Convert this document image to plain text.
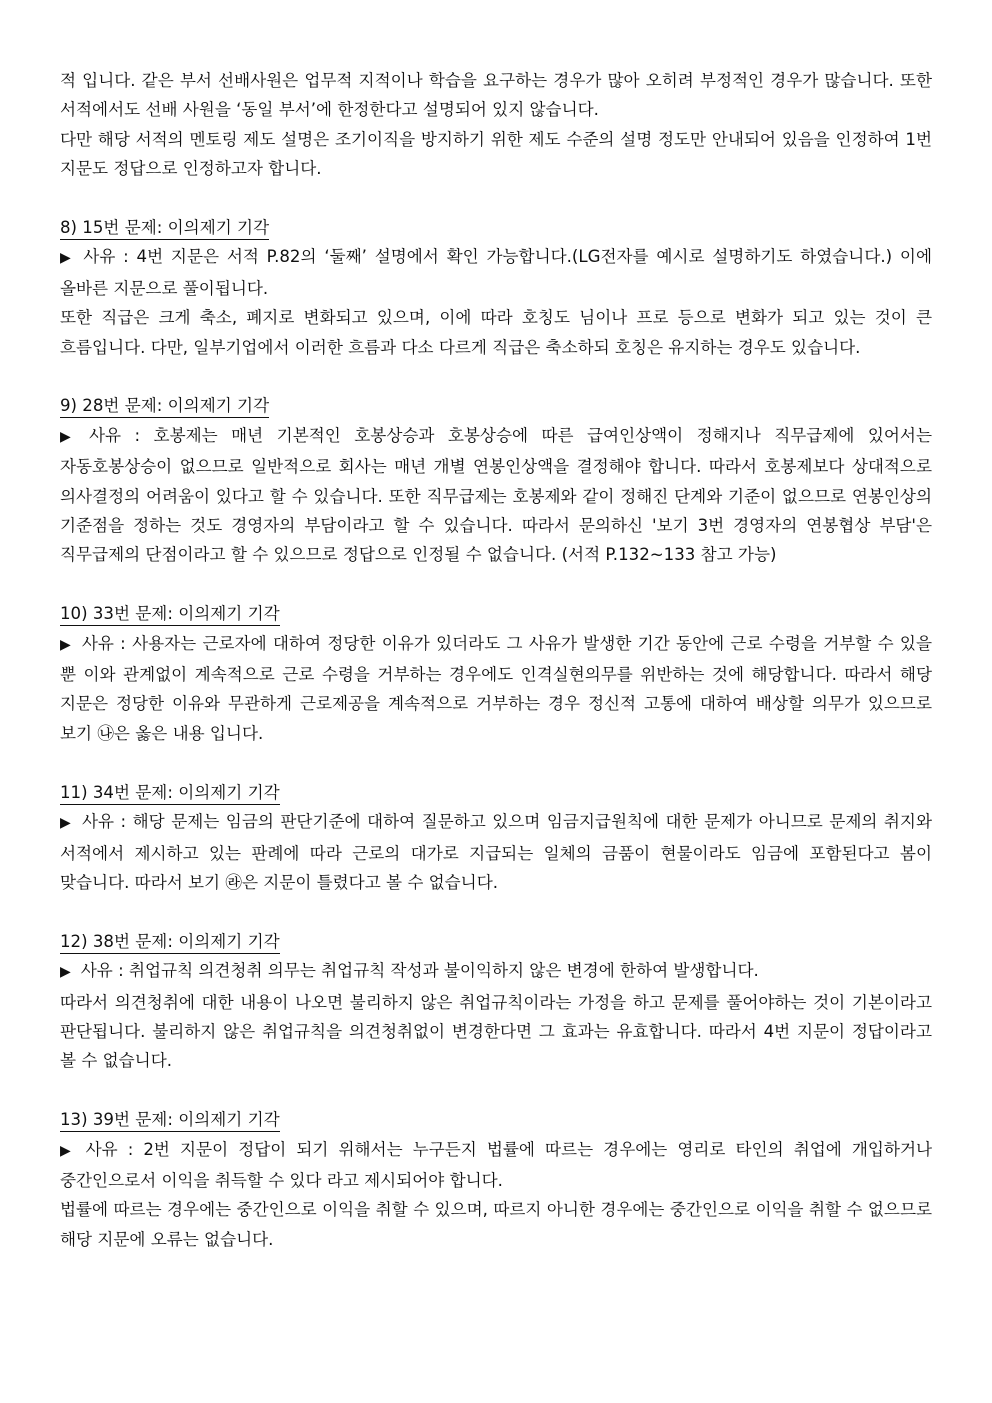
적 입니다. 같은 부서 선배사원은 업무적 지적이나 학습을 요구하는 경우가 많아 오히려 부정적인 경우가 많습니다. 또한 서적에서도 선배 사원을 ‘동일 부서’에 한정한다고 설명되어 있지 않습니다.

다만 해당 서적의 멘토링 제도 설명은 조기이직을 방지하기 위한 제도 수준의 설명 정도만 안내되어 있음을 인정하여 1번 지문도 정답으로 인정하고자 합니다.

8) 15번 문제: 이의제기 기각

▶ 사유 : 4번 지문은 서적 P.82의 ‘둘째’ 설명에서 확인 가능합니다.(LG전자를 예시로 설명하기도 하였습니다.) 이에 올바른 지문으로 풀이됩니다.

또한 직급은 크게 축소, 폐지로 변화되고 있으며, 이에 따라 호칭도 님이나 프로 등으로 변화가 되고 있는 것이 큰 흐름입니다. 다만, 일부기업에서 이러한 흐름과 다소 다르게 직급은 축소하되 호칭은 유지하는 경우도 있습니다.

9) 28번 문제: 이의제기 기각

▶ 사유 : 호봉제는 매년 기본적인 호봉상승과 호봉상승에 따른 급여인상액이 정해지나 직무급제에 있어서는 자동호봉상승이 없으므로 일반적으로 회사는 매년 개별 연봉인상액을 결정해야 합니다. 따라서 호봉제보다 상대적으로 의사결정의 어려움이 있다고 할 수 있습니다. 또한 직무급제는 호봉제와 같이 정해진 단계와 기준이 없으므로 연봉인상의 기준점을 정하는 것도 경영자의 부담이라고 할 수 있습니다. 따라서 문의하신 '보기 3번 경영자의 연봉협상 부담'은 직무급제의 단점이라고 할 수 있으므로 정답으로 인정될 수 없습니다. (서적 P.132~133 참고 가능)

10) 33번 문제: 이의제기 기각

▶ 사유 : 사용자는 근로자에 대하여 정당한 이유가 있더라도 그 사유가 발생한 기간 동안에 근로 수령을 거부할 수 있을 뿐 이와 관계없이 계속적으로 근로 수령을 거부하는 경우에도 인격실현의무를 위반하는 것에 해당합니다. 따라서 해당 지문은 정당한 이유와 무관하게 근로제공을 계속적으로 거부하는 경우 정신적 고통에 대하여 배상할 의무가 있으므로 보기 ㉯은 옳은 내용 입니다.

11) 34번 문제: 이의제기 기각

▶ 사유 : 해당 문제는 임금의 판단기준에 대하여 질문하고 있으며 임금지급원칙에 대한 문제가 아니므로 문제의 취지와 서적에서 제시하고 있는 판례에 따라 근로의 대가로 지급되는 일체의 금품이 현물이라도 임금에 포함된다고 봄이 맞습니다. 따라서 보기 ㉱은 지문이 틀렸다고 볼 수 없습니다.

12) 38번 문제: 이의제기 기각

▶ 사유 : 취업규칙 의견청취 의무는 취업규칙 작성과 불이익하지 않은 변경에 한하여 발생합니다.

따라서 의견청취에 대한 내용이 나오면 불리하지 않은 취업규칙이라는 가정을 하고 문제를 풀어야하는 것이 기본이라고 판단됩니다. 불리하지 않은 취업규칙을 의견청취없이 변경한다면 그 효과는 유효합니다. 따라서 4번 지문이 정답이라고 볼 수 없습니다.

13) 39번 문제: 이의제기 기각

▶ 사유 : 2번 지문이 정답이 되기 위해서는 누구든지 법률에 따르는 경우에는 영리로 타인의 취업에 개입하거나 중간인으로서 이익을 취득할 수 있다 라고 제시되어야 합니다.

법률에 따르는 경우에는 중간인으로 이익을 취할 수 있으며, 따르지 아니한 경우에는 중간인으로 이익을 취할 수 없으므로 해당 지문에 오류는 없습니다.
